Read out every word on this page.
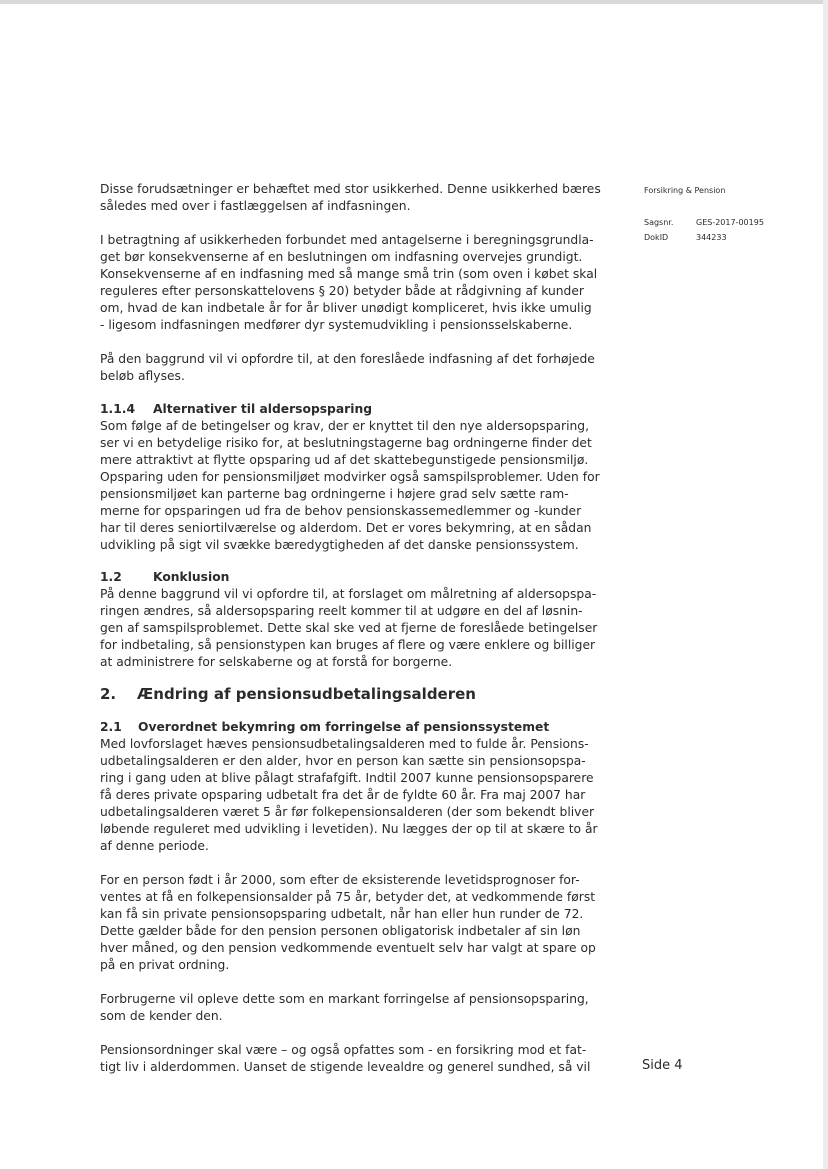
Forsikring & Pension
Sagsnr.	GES-2017-00195
DokID	344233

Disse forudsætninger er behæftet med stor usikkerhed. Denne usikkerhed bæres
således med over i fastlæggelsen af indfasningen.

I betragtning af usikkerheden forbundet med antagelserne i beregningsgrundla-
get bør konsekvenserne af en beslutningen om indfasning overvejes grundigt.
Konsekvenserne af en indfasning med så mange små trin (som oven i købet skal
reguleres efter personskattelovens § 20) betyder både at rådgivning af kunder
om, hvad de kan indbetale år for år bliver unødigt kompliceret, hvis ikke umulig
- ligesom indfasningen medfører dyr systemudvikling i pensionsselskaberne.

På den baggrund vil vi opfordre til, at den foreslåede indfasning af det forhøjede
beløb aflyses.

1.1.4 Alternativer til aldersopsparing

Som følge af de betingelser og krav, der er knyttet til den nye aldersopsparing,
ser vi en betydelige risiko for, at beslutningstagerne bag ordningerne finder det
mere attraktivt at flytte opsparing ud af det skattebegunstigede pensionsmiljø.
Opsparing uden for pensionsmiljøet modvirker også samspilsproblemer. Uden for
pensionsmiljøet kan parterne bag ordningerne i højere grad selv sætte ram-
merne for opsparingen ud fra de behov pensionskassemedlemmer og -kunder
har til deres seniortilværelse og alderdom. Det er vores bekymring, at en sådan
udvikling på sigt vil svække bæredygtigheden af det danske pensionssystem.

1.2	Konklusion

På denne baggrund vil vi opfordre til, at forslaget om målretning af aldersopspa-
ringen ændres, så aldersopsparing reelt kommer til at udgøre en del af løsnin-
gen af samspilsproblemet. Dette skal ske ved at fjerne de foreslåede betingelser
for indbetaling, så pensionstypen kan bruges af flere og være enklere og billiger
at administrere for selskaberne og at forstå for borgerne.

2. Ændring af pensionsudbetalingsalderen
2.1 Overordnet bekymring om forringelse af pensionssystemet

Med lovforslaget hæves pensionsudbetalingsalderen med to fulde år. Pensions-
udbetalingsalderen er den alder, hvor en person kan sætte sin pensionsopspa-
ring i gang uden at blive pålagt strafafgift. Indtil 2007 kunne pensionsopsparere
få deres private opsparing udbetalt fra det år de fyldte 60 år. Fra maj 2007 har
udbetalingsalderen været 5 år før folkepensionsalderen (der som bekendt bliver
løbende reguleret med udvikling i levetiden). Nu lægges der op til at skære to år
af denne periode.

For en person født i år 2000, som efter de eksisterende levetidsprognoser for-
ventes at få en folkepensionsalder på 75 år, betyder det, at vedkommende først
kan få sin private pensionsopsparing udbetalt, når han eller hun runder de 72.
Dette gælder både for den pension personen obligatorisk indbetaler af sin løn
hver måned, og den pension vedkommende eventuelt selv har valgt at spare op
på en privat ordning.

Forbrugerne vil opleve dette som en markant forringelse af pensionsopsparing,
som de kender den.

Pensionsordninger skal være – og også opfattes som - en forsikring mod et fat-
tigt liv i alderdommen. Uanset de stigende levealdre og generel sundhed, så vil	Side 4
